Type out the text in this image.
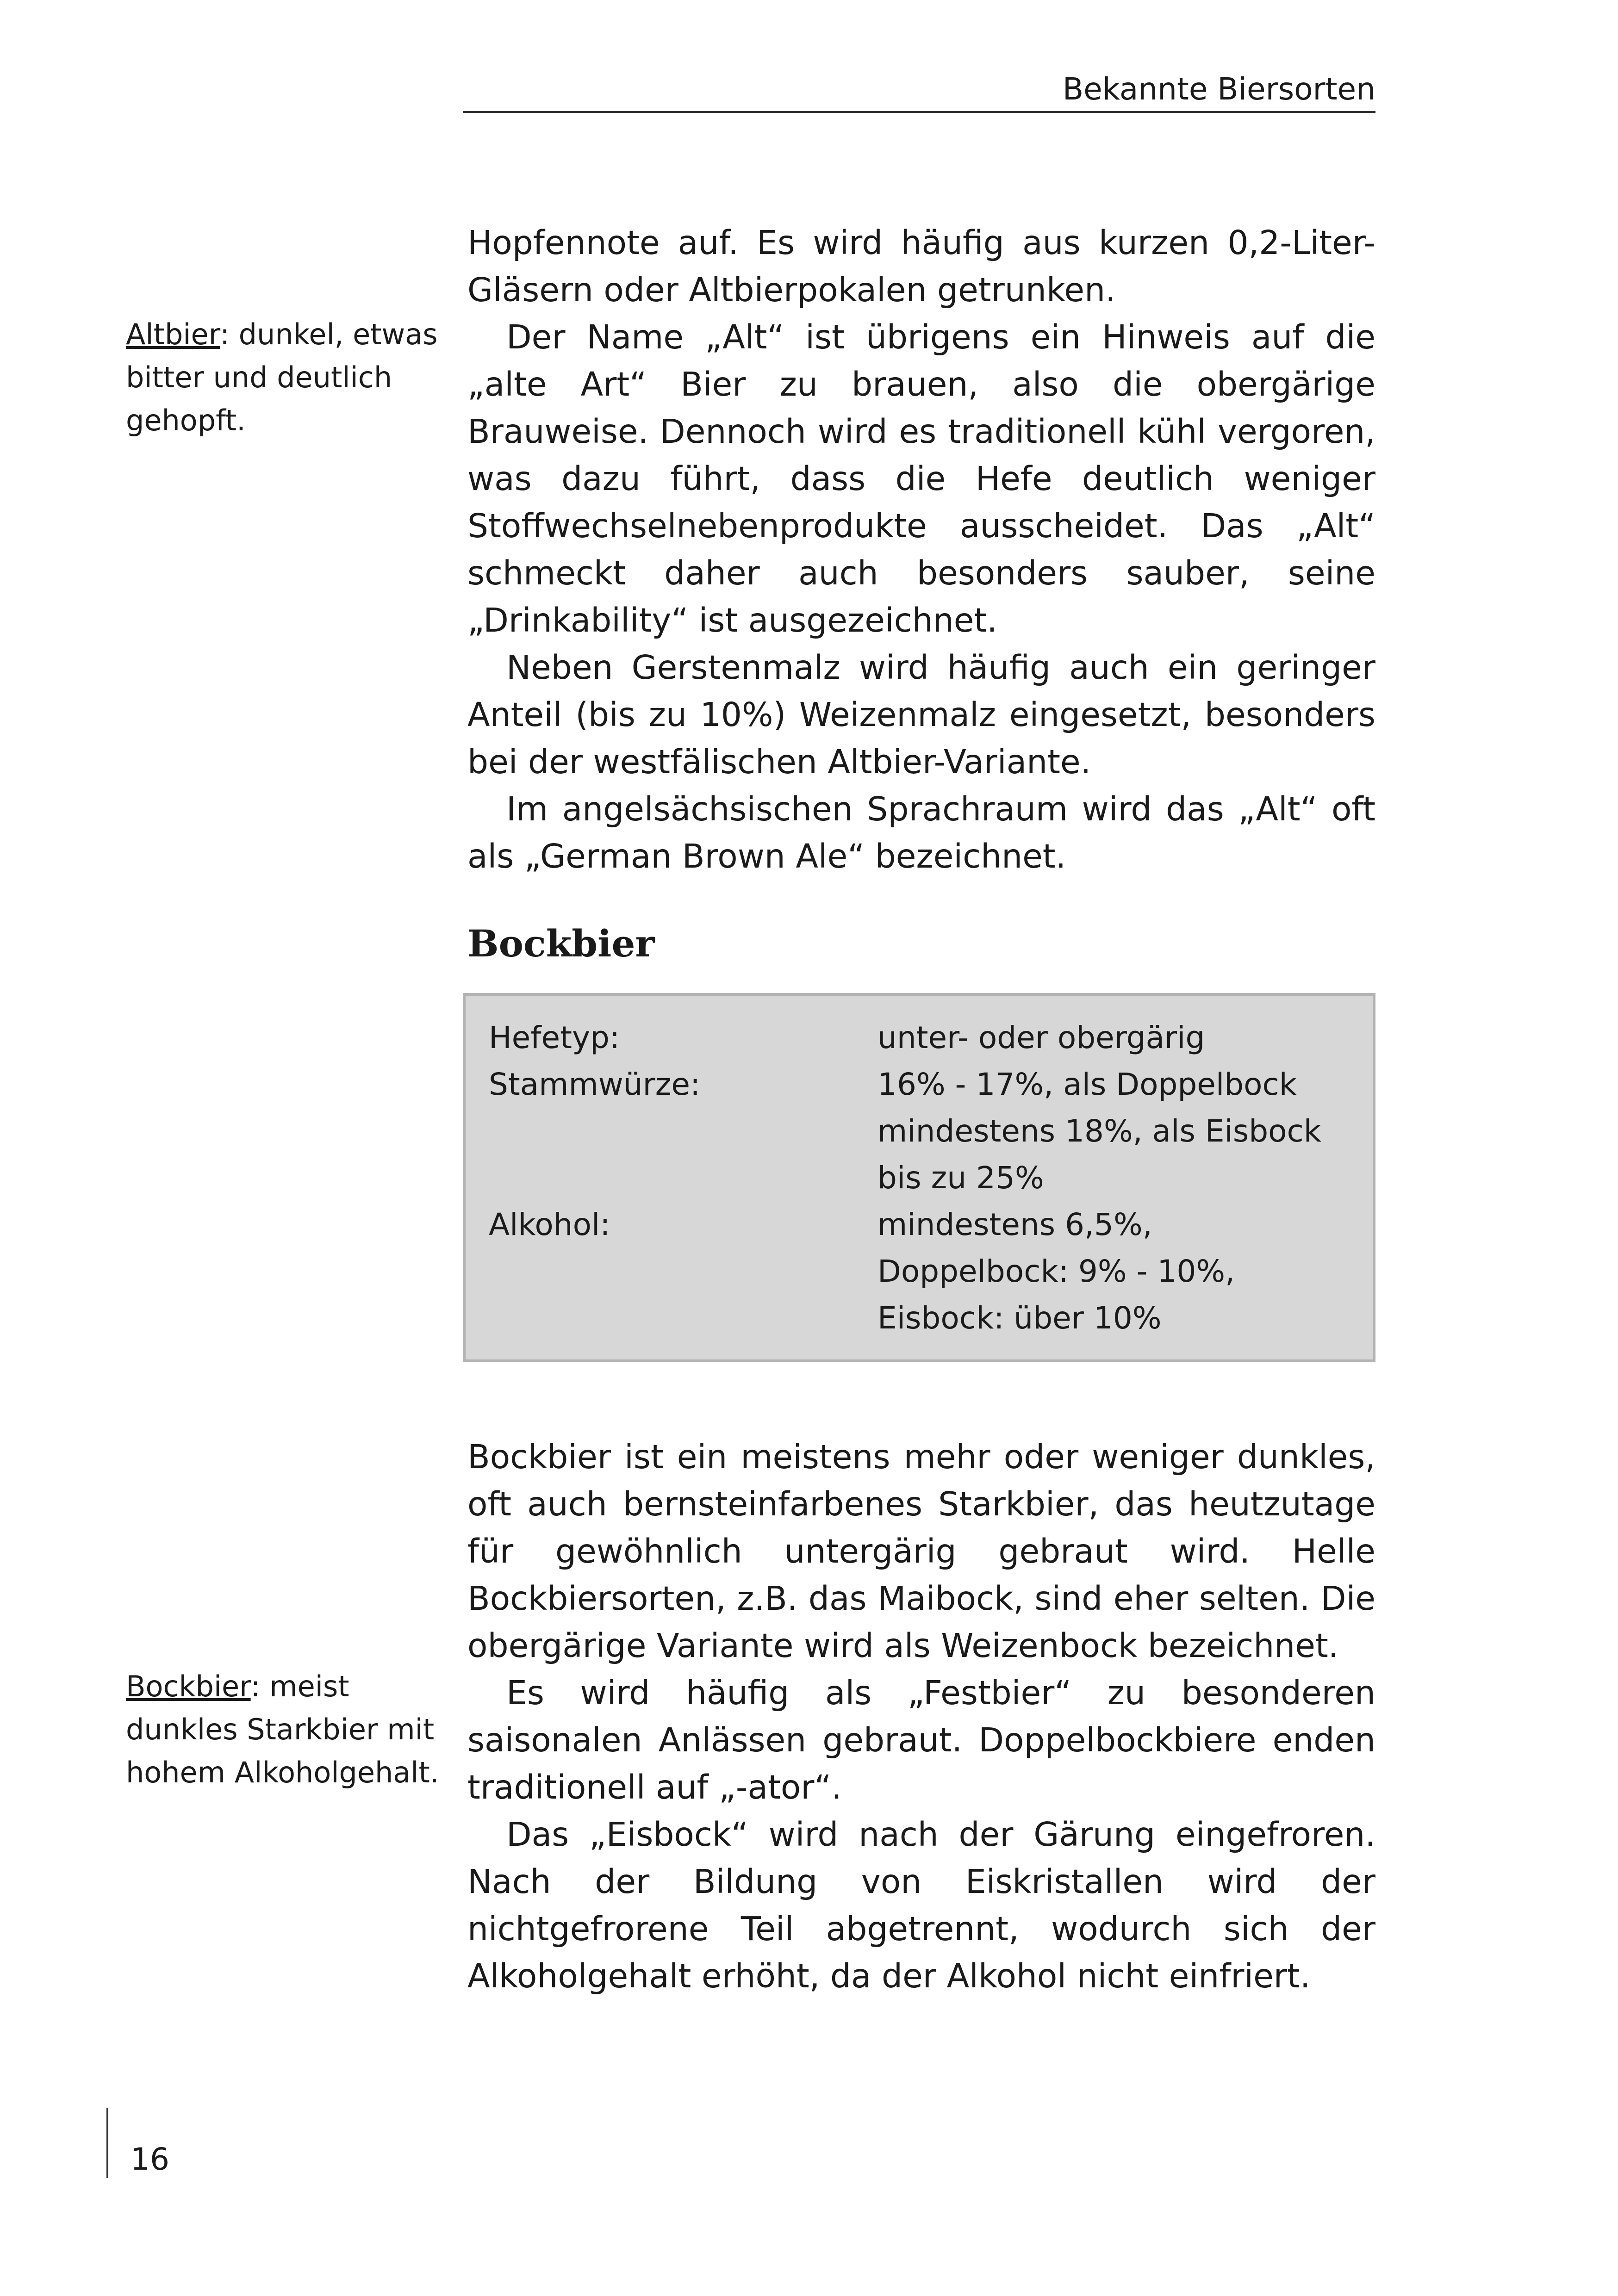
Bekannte Biersorten
Altbier: dunkel, etwas bitter und deutlich gehopft.

Hopfennote auf. Es wird häufig aus kurzen 0,2-Liter-Gläsern oder Altbierpokalen getrunken.

Der Name „Alt“ ist übrigens ein Hinweis auf die „alte Art“ Bier zu brauen, also die obergärige Brauweise. Dennoch wird es traditionell kühl vergoren, was dazu führt, dass die Hefe deutlich weniger Stoffwechselnebenprodukte ausscheidet. Das „Alt“ schmeckt daher auch besonders sauber, seine „Drinkability“ ist ausgezeichnet.

Neben Gerstenmalz wird häufig auch ein geringer Anteil (bis zu 10%) Weizenmalz eingesetzt, besonders bei der westfälischen Altbier-Variante.

Im angelsächsischen Sprachraum wird das „Alt“ oft als „German Brown Ale“ bezeichnet.

Bockbier
Hefetyp:	unter- oder obergärig
Stammwürze:	16% - 17%, als Doppelbock mindestens 18%, als Eisbock bis zu 25%
Alkohol:	mindestens 6,5%, Doppelbock: 9% - 10%, Eisbock: über 10%
Bockbier: meist dunkles Starkbier mit hohem Alkoholgehalt.

Bockbier ist ein meistens mehr oder weniger dunkles, oft auch bernsteinfarbenes Starkbier, das heutzutage für gewöhnlich untergärig gebraut wird. Helle Bockbiersorten, z.B. das Maibock, sind eher selten. Die obergärige Variante wird als Weizenbock bezeichnet.

Es wird häufig als „Festbier“ zu besonderen saisonalen Anlässen gebraut. Doppelbockbiere enden traditionell auf „-ator“.

Das „Eisbock“ wird nach der Gärung eingefroren. Nach der Bildung von Eiskristallen wird der nichtgefrorene Teil abgetrennt, wodurch sich der Alkoholgehalt erhöht, da der Alkohol nicht einfriert.

16
